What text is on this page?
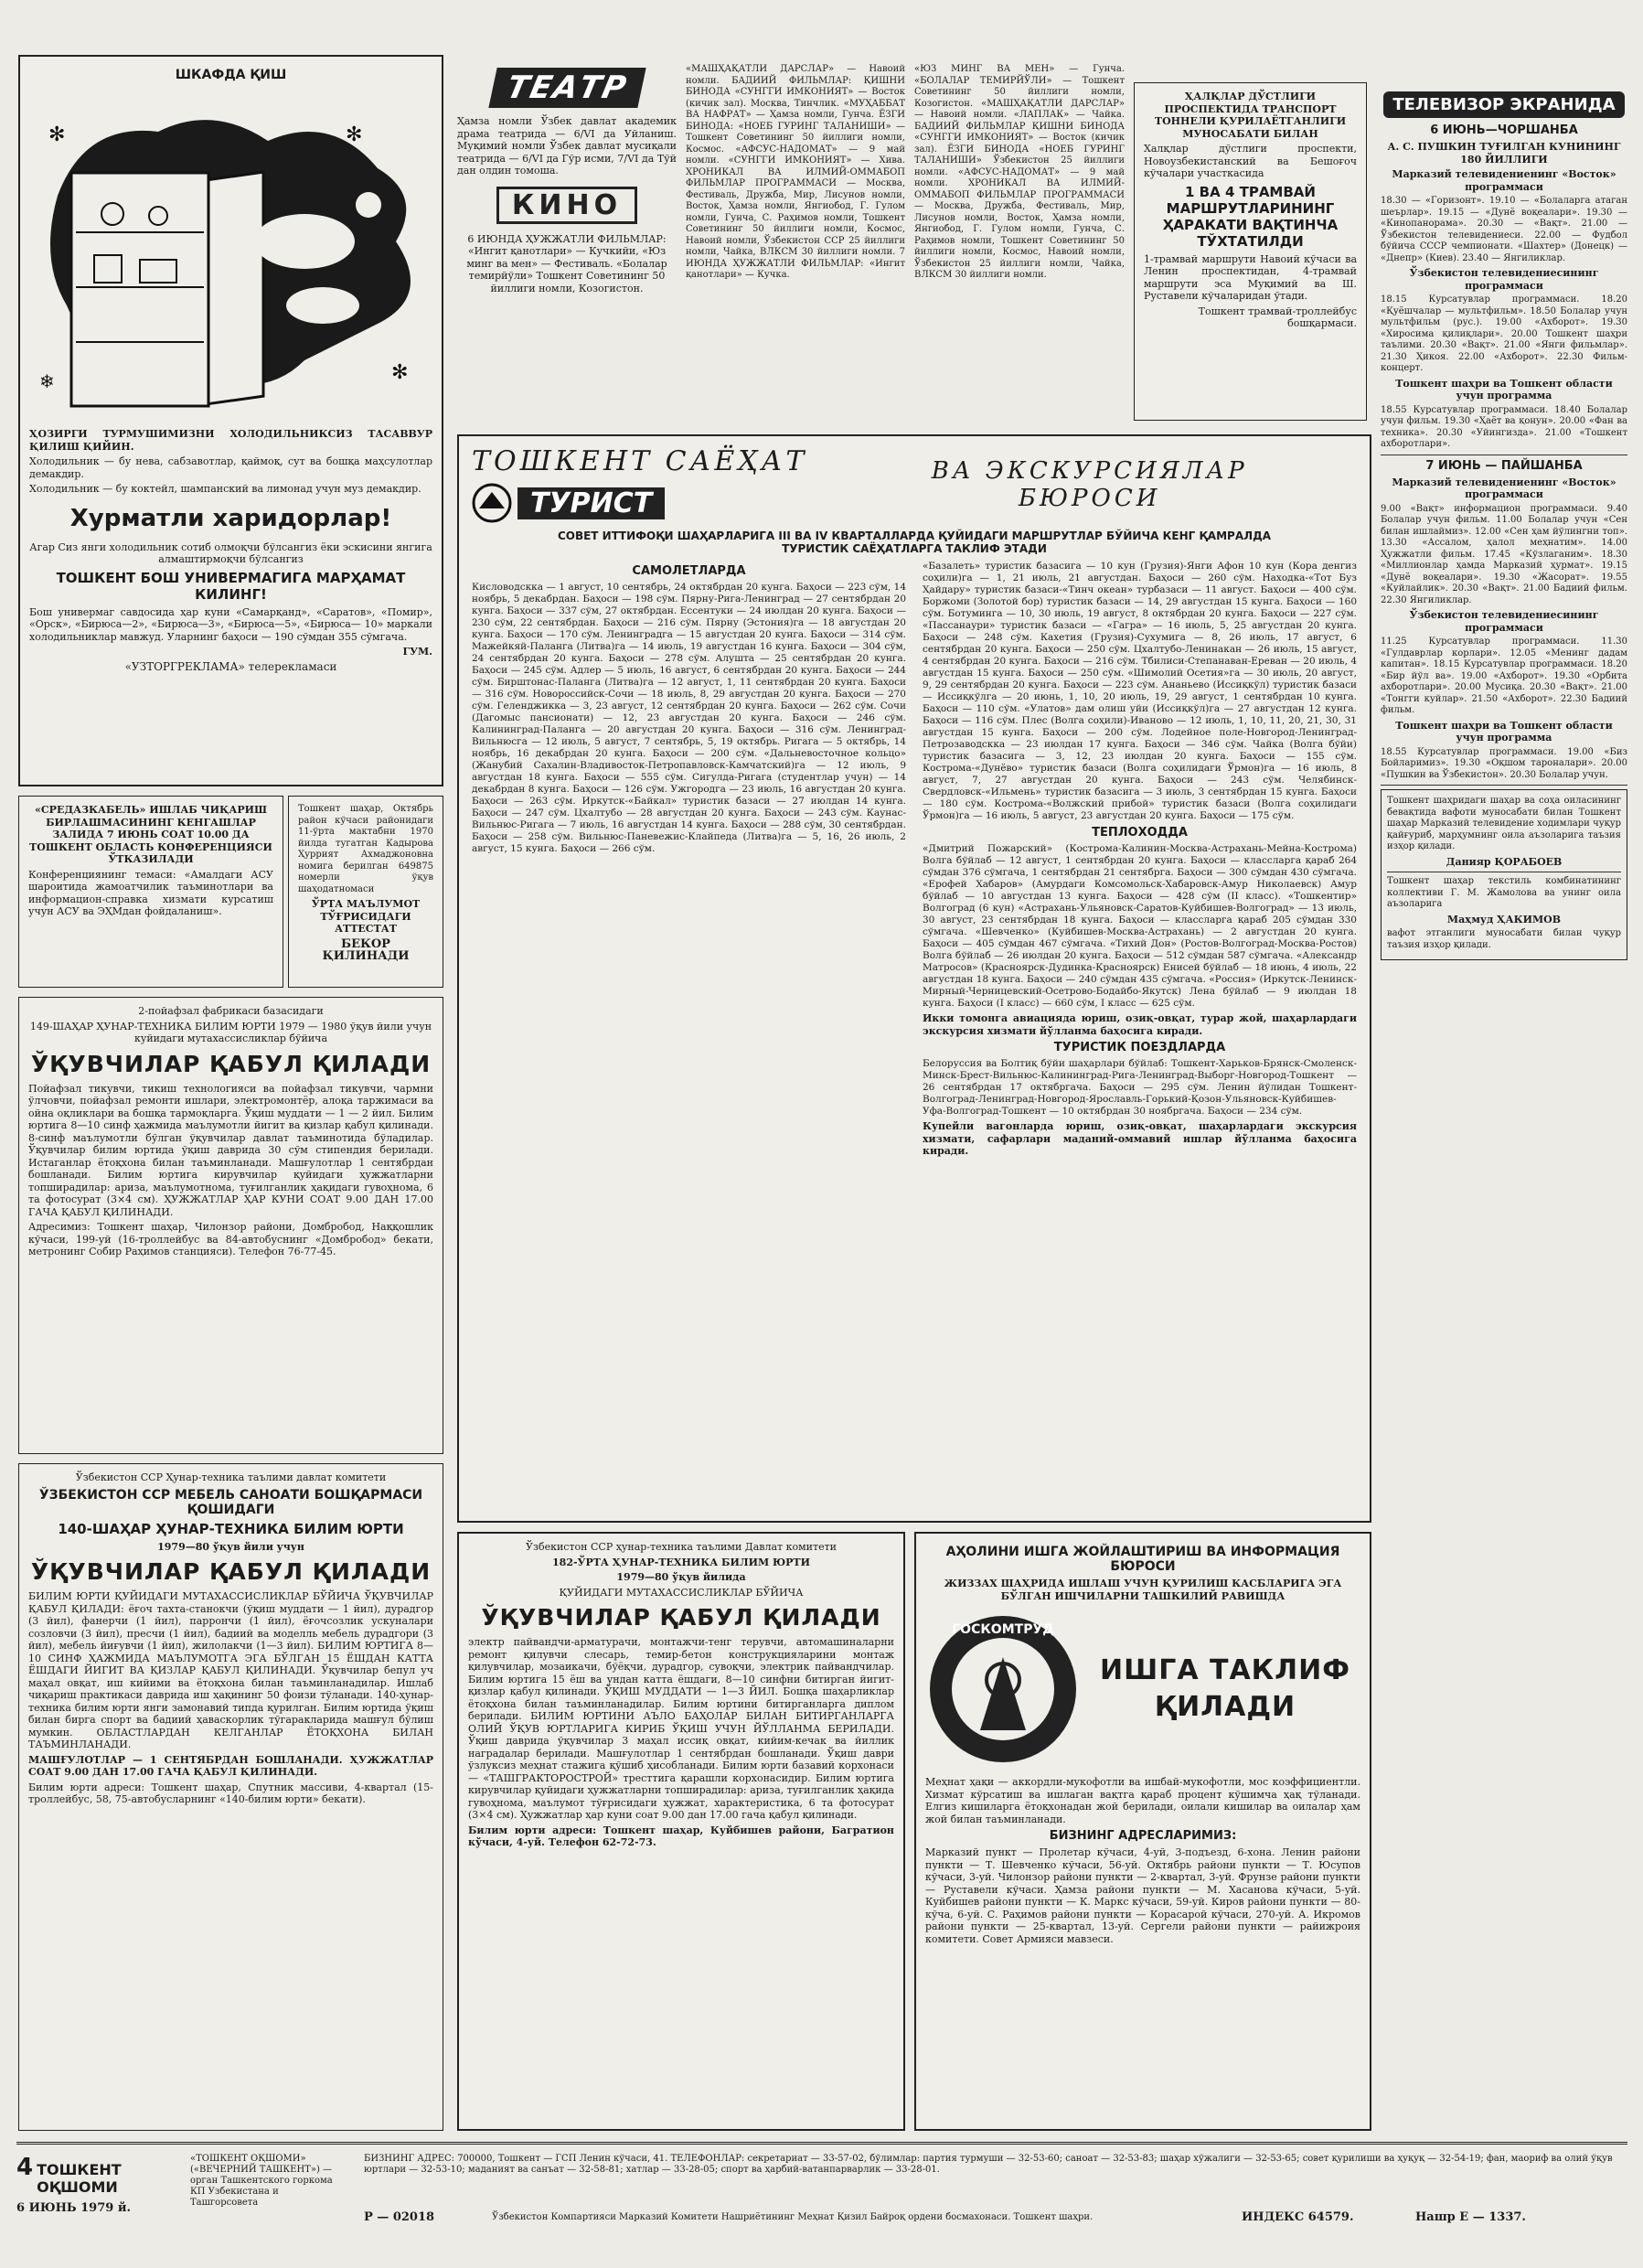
ШКАФДА ҚИШ
✻
✻
✻
❄

ҲОЗИРГИ ТУРМУШИМИЗНИ ХОЛОДИЛЬНИКСИЗ ТАСАВВУР ҚИЛИШ ҚИЙИН.

Холодильник — бу нева, сабзавотлар, қаймоқ, сут ва бошқа маҳсулотлар демакдир.

Холодильник — бу коктейл, шампанский ва лимонад учун муз демакдир.

Хурматли харидорлар!

Агар Сиз янги холодильник сотиб олмоқчи бўлсангиз ёки эскисини янгига алмаштирмоқчи бўлсангиз

ТОШКЕНТ БОШ УНИВЕРМАГИГА МАРҲАМАТ КИЛИНГ!

Бош универмаг савдосида ҳар куни «Самарқанд», «Саратов», «Помир», «Орск», «Бирюса—2», «Бирюса—3», «Бирюса—5», «Бирюса— 10» маркали холодильниклар мавжуд. Уларнинг баҳоси — 190 сўмдан 355 сўмгача.

ГУМ.

«УЗТОРГРЕКЛАМА» телерекламаси

«СРЕДАЗКАБЕЛЬ» ИШЛАБ ЧИҚАРИШ БИРЛАШМАСИНИНГ КЕНГАШЛАР ЗАЛИДА 7 ИЮНЬ СОАТ 10.00 ДА ТОШКЕНТ ОБЛАСТЬ КОНФЕРЕНЦИЯСИ ЎТКАЗИЛАДИ

Конференциянинг темаси: «Амалдаги АСУ шароитида жамоатчилик таъминотлари ва информацион-справка хизмати курсатиш учун АСУ ва ЭҲМдан фойдаланиш».

Тошкент шаҳар, Октябрь район кўчаси районидаги 11-ўрта мактабни 1970 йилда тугатган Кадырова Ҳуррият Ахмаджоновна номига берилган 649875 номерли ўқув шаҳодатномаси

ЎРТА МАЪЛУМОТ ТЎҒРИСИДАГИ АТТЕСТАТ

БЕКОР ҚИЛИНАДИ

2-пойафзал фабрикаси базасидаги

149-ШАҲАР ҲУНАР-ТЕХНИКА БИЛИМ ЮРТИ 1979 — 1980 ўқув йили учун куйидаги мутахассисликлар бўйича

ЎҚУВЧИЛАР ҚАБУЛ ҚИЛАДИ

Пойафзал тикувчи, тикиш технологияси ва пойафзал тикувчи, чармни ўлчовчи, пойафзал ремонти ишлари, электромонтёр, алоқа таржимаси ва ойна оқликлари ва бошқа тармоқларга. Ўқиш муддати — 1 — 2 йил. Билим юртига 8—10 синф ҳажмида маълумотли йигит ва қизлар қабул қилинади. 8-синф маълумотли бўлган ўқувчилар давлат таъминотида бўладилар. Ўқувчилар билим юртида ўқиш даврида 30 сўм стипендия берилади. Истаганлар ётоқхона билан таъминланади. Машғулотлар 1 сентябрдан бошланади. Билим юртига кирувчилар қуйидаги ҳужжатларни топширадилар: ариза, маълумотнома, туғилганлик ҳақидаги гувоҳнома, 6 та фотосурат (3×4 см). ҲУЖЖАТЛАР ҲАР КУНИ СОАТ 9.00 ДАН 17.00 ГАЧА ҚАБУЛ ҚИЛИНАДИ.

Адресимиз: Тошкент шаҳар, Чилонзор райони, Домбробод, Наққошлик кўчаси, 199-уй (16-троллейбус ва 84-автобуснинг «Домбробод» бекати, метронинг Собир Раҳимов станцияси). Телефон 76-77-45.

Ўзбекистон ССР Ҳунар-техника таълими давлат комитети

ЎЗБЕКИСТОН ССР МЕБЕЛЬ САНОАТИ БОШҚАРМАСИ ҚОШИДАГИ
140-ШАҲАР ҲУНАР-ТЕХНИКА БИЛИМ ЮРТИ

1979—80 ўқув йили учун

ЎҚУВЧИЛАР ҚАБУЛ ҚИЛАДИ

БИЛИМ ЮРТИ ҚУЙИДАГИ МУТАХАССИСЛИКЛАР БЎЙИЧА ЎҚУВЧИЛАР ҚАБУЛ ҚИЛАДИ: ёғоч тахта-станокчи (ўқиш муддати — 1 йил), дурадгор (3 йил), фанерчи (1 йил), паррончи (1 йил), ёғочсозлик ускуналари созловчи (3 йил), пресчи (1 йил), бадиий ва моделль мебель дурадгори (3 йил), мебель йиғувчи (1 йил), жилолакчи (1—3 йил). БИЛИМ ЮРТИГА 8—10 СИНФ ҲАЖМИДА МАЪЛУМОТГА ЭГА БЎЛГАН 15 ЁШДАН КАТТА ЁШДАГИ ЙИГИТ ВА ҚИЗЛАР ҚАБУЛ ҚИЛИНАДИ. Ўқувчилар бепул уч маҳал овқат, иш кийими ва ётоқхона билан таъминланадилар. Ишлаб чиқариш практикаси даврида иш ҳақининг 50 фоизи тўланади. 140-ҳунар-техника билим юрти янги замонавий типда қурилган. Билим юртида ўқиш билан бирга спорт ва бадиий ҳаваскорлик тўгаракларида машғул бўлиш мумкин. ОБЛАСТЛАРДАН КЕЛГАНЛАР ЁТОҚХОНА БИЛАН ТАЪМИНЛАНАДИ.

МАШҒУЛОТЛАР — 1 СЕНТЯБРДАН БОШЛАНАДИ. ҲУЖЖАТЛАР СОАТ 9.00 ДАН 17.00 ГАЧА ҚАБУЛ ҚИЛИНАДИ.

Билим юрти адреси: Тошкент шаҳар, Спутник массиви, 4-квартал (15-троллейбус, 58, 75-автобусларнинг «140-билим юрти» бекати).

ТЕАТР

Ҳамза номли Ўзбек давлат академик драма театрида — 6/VI да Уйланиш. Муқимий номли Ўзбек давлат мусиқали театрида — 6/VI да Гўр исми, 7/VI да Тўй дан олдин томоша.

КИНО

6 ИЮНДА ҲУЖЖАТЛИ ФИЛЬМЛАР: «Ингит қанотлари» — Кучкийи, «Юз минг ва мен» — Фестиваль. «Болалар темирйўли» Тошкент Советининг 50 йиллиги номли, Козогистон.

«МАШҲАҚАТЛИ ДАРСЛАР» — Навоий номли. БАДИИЙ ФИЛЬМЛАР: ҚИШНИ БИНОДА «СУНГГИ ИМКОНИЯТ» — Восток (кичик зал). Москва, Тинчлик. «МУҲАББАТ ВА НАФРАТ» — Ҳамза номли, Гунча. ЁЗГИ БИНОДА: «НОЕБ ГУРИНГ ТАЛАНИШИ» — Тошкент Советининг 50 йиллиги номли, Космос. «АФСУС-НАДОМАТ» — 9 май номли. «СУНГГИ ИМКОНИЯТ» — Хива. ХРОНИКАЛ ВА ИЛМИЙ-ОММАБОП ФИЛЬМЛАР ПРОГРАММАСИ — Москва, Фестиваль, Дружба, Мир, Лисунов номли, Восток, Ҳамза номли, Янгиобод, Г. Гулом номли, Гунча, С. Раҳимов номли, Тошкент Советининг 50 йиллиги номли, Космос, Навоий номли, Ўзбекистон ССР 25 йиллиги номли, Чайка, ВЛКСМ 30 йиллиги номли. 7 ИЮНДА ҲУЖЖАТЛИ ФИЛЬМЛАР: «Ингит қанотлари» — Кучка.

«ЮЗ МИНГ ВА МЕН» — Гунча. «БОЛАЛАР ТЕМИРЙЎЛИ» — Тошкент Советининг 50 йиллиги номли, Козогистон. «МАШҲАҚАТЛИ ДАРСЛАР» — Навоий номли. «ЛАПЛАК» — Чайка. БАДИИЙ ФИЛЬМЛАР ҚИШНИ БИНОДА «СУНГГИ ИМКОНИЯТ» — Восток (кичик зал). ЁЗГИ БИНОДА «НОЕБ ГУРИНГ ТАЛАНИШИ» Ўзбекистон 25 йиллиги номли. «АФСУС-НАДОМАТ» — 9 май номли. ХРОНИКАЛ ВА ИЛМИЙ-ОММАБОП ФИЛЬМЛАР ПРОГРАММАСИ — Москва, Дружба, Фестиваль, Мир, Лисунов номли, Восток, Ҳамза номли, Янгиобод, Г. Гулом номли, Гунча, С. Раҳимов номли, Тошкент Советининг 50 йиллиги номли, Космос, Навоий номли, Ўзбекистон 25 йиллиги номли, Чайка, ВЛКСМ 30 йиллиги номли.

ҲАЛҚЛАР ДЎСТЛИГИ ПРОСПЕКТИДА ТРАНСПОРТ ТОННЕЛИ ҚУРИЛАЁТГАНЛИГИ МУНОСАБАТИ БИЛАН

Халқлар дўстлиги проспекти, Новоузбекистанский ва Бешоғоч кўчалари участкасида

1 ВА 4 ТРАМВАЙ МАРШРУТЛАРИНИНГ ҲАРАКАТИ ВАҚТИНЧА ТЎХТАТИЛДИ

1-трамвай маршрути Навоий кўчаси ва Ленин проспектидан, 4-трамвай маршрути эса Муқимий ва Ш. Руставели кўчаларидан ўтади.

Тошкент трамвай-троллейбус бошқармаси.

ТОШКЕНТ САЁҲАТ
ТУРИСТ
ВА ЭКСКУРСИЯЛАР
БЮРОСИ

СОВЕТ ИТТИФОҚИ ШАҲАРЛАРИГА III ВА IV КВАРТАЛЛАРДА ҚУЙИДАГИ МАРШРУТЛАР БЎЙИЧА КЕНГ ҚАМРАЛДА ТУРИСТИК САЁҲАТЛАРГА ТАКЛИФ ЭТАДИ

САМОЛЕТЛАРДА

Кисловодскка — 1 август, 10 сентябрь, 24 октябрдан 20 кунга. Баҳоси — 223 сўм, 14 ноябрь, 5 декабрдан. Баҳоси — 198 сўм. Пярну-Рига-Ленинград — 27 сентябрдан 20 кунга. Баҳоси — 337 сўм, 27 октябрдан. Ессентуки — 24 июлдан 20 кунга. Баҳоси — 230 сўм, 22 сентябрдан. Баҳоси — 216 сўм. Пярну (Эстония)га — 18 августдан 20 кунга. Баҳоси — 170 сўм. Ленинградга — 15 августдан 20 кунга. Баҳоси — 314 сўм. Мажейкяй-Паланга (Литва)га — 14 июль, 19 августдан 16 кунга. Баҳоси — 304 сўм, 24 сентябрдан 20 кунга. Баҳоси — 278 сўм. Алушта — 25 сентябрдан 20 кунга. Баҳоси — 245 сўм. Адлер — 5 июль, 16 август, 6 сентябрдан 20 кунга. Баҳоси — 244 сўм. Бирштонас-Паланга (Литва)га — 12 август, 1, 11 сентябрдан 20 кунга. Баҳоси — 316 сўм. Новороссийск-Сочи — 18 июль, 8, 29 августдан 20 кунга. Баҳоси — 270 сўм. Геленджикка — 3, 23 август, 12 сентябрдан 20 кунга. Баҳоси — 262 сўм. Сочи (Дагомыс пансионати) — 12, 23 августдан 20 кунга. Баҳоси — 246 сўм. Калининград-Паланга — 20 августдан 20 кунга. Баҳоси — 316 сўм. Ленинград-Вильнюсга — 12 июль, 5 август, 7 сентябрь, 5, 19 октябрь. Ригага — 5 октябрь, 14 ноябрь, 16 декабрдан 20 кунга. Баҳоси — 200 сўм. «Дальневосточное кольцо» (Жанубий Сахалин-Владивосток-Петропавловск-Камчатский)га — 12 июль, 9 августдан 18 кунга. Баҳоси — 555 сўм. Сигулда-Ригага (студентлар учун) — 14 декабрдан 8 кунга. Баҳоси — 126 сўм. Ужгородга — 23 июль, 16 августдан 20 кунга. Баҳоси — 263 сўм. Иркутск-«Байкал» туристик базаси — 27 июлдан 14 кунга. Баҳоси — 247 сўм. Цхалтубо — 28 августдан 20 кунга. Баҳоси — 243 сўм. Каунас-Вильнюс-Ригага — 7 июль, 16 августдан 14 кунга. Баҳоси — 288 сўм, 30 сентябрдан. Баҳоси — 258 сўм. Вильнюс-Паневежис-Клайпеда (Литва)га — 5, 16, 26 июль, 2 август, 15 кунга. Баҳоси — 266 сўм.

«Базалеть» туристик базасига — 10 кун (Грузия)-Янги Афон 10 кун (Кора денгиз соҳили)га — 1, 21 июль, 21 августдан. Баҳоси — 260 сўм. Находка-«Тот Буз Ҳайдару» туристик базаси-«Тинч океан» турбазаси — 11 август. Баҳоси — 400 сўм. Боржоми (Золотой бор) туристик базаси — 14, 29 августдан 15 кунга. Баҳоси — 160 сўм. Ботуминга — 10, 30 июль, 19 август, 8 октябрдан 20 кунга. Баҳоси — 227 сўм. «Пассанаури» туристик базаси — «Гагра» — 16 июль, 5, 25 августдан 20 кунга. Баҳоси — 248 сўм. Кахетия (Грузия)-Сухумига — 8, 26 июль, 17 август, 6 сентябрдан 20 кунга. Баҳоси — 250 сўм. Цхалтубо-Ленинакан — 26 июль, 15 август, 4 сентябрдан 20 кунга. Баҳоси — 216 сўм. Тбилиси-Степанаван-Ереван — 20 июль, 4 августдан 15 кунга. Баҳоси — 250 сўм. «Шимолий Осетия»га — 30 июль, 20 август, 9, 29 сентябрдан 20 кунга. Баҳоси — 223 сўм. Ананьево (Иссиқкўл) туристик базаси — Иссиқкўлга — 20 июнь, 1, 10, 20 июль, 19, 29 август, 1 сентябрдан 10 кунга. Баҳоси — 110 сўм. «Улатов» дам олиш уйи (Иссиқкўл)га — 27 августдан 12 кунга. Баҳоси — 116 сўм. Плес (Волга соҳили)-Иваново — 12 июль, 1, 10, 11, 20, 21, 30, 31 августдан 15 кунга. Баҳоси — 200 сўм. Лодейное поле-Новгород-Ленинград-Петрозаводскка — 23 июлдан 17 кунга. Баҳоси — 346 сўм. Чайка (Волга бўйи) туристик базасига — 3, 12, 23 июлдан 20 кунга. Баҳоси — 155 сўм. Кострома-«Дунёво» туристик базаси (Волга соҳилидаги Ўрмон)га — 16 июль, 8 август, 7, 27 августдан 20 кунга. Баҳоси — 243 сўм. Челябинск-Свердловск-«Ильмень» туристик базасига — 3 июль, 3 сентябрдан 15 кунга. Баҳоси — 180 сўм. Кострома-«Волжский прибой» туристик базаси (Волга соҳилидаги Ўрмон)га — 16 июль, 5 август, 23 августдан 20 кунга. Баҳоси — 175 сўм.

ТЕПЛОХОДДА

«Дмитрий Пожарский» (Кострома-Калинин-Москва-Астрахань-Мейна-Кострома) Волга бўйлаб — 12 август, 1 сентябрдан 20 кунга. Баҳоси — классларга қараб 264 сўмдан 376 сўмгача, 1 сентябрдан 21 сентябрга. Баҳоси — 300 сўмдан 430 сўмгача. «Ерофей Хабаров» (Амурдаги Комсомольск-Хабаровск-Амур Николаевск) Амур бўйлаб — 10 августдан 13 кунга. Баҳоси — 428 сўм (II класс). «Тошкентир» Волгоград (6 кун) «Астрахань-Ульяновск-Саратов-Куйбишев-Волгоград» — 13 июль, 30 август, 23 сентябрдан 18 кунга. Баҳоси — классларга қараб 205 сўмдан 330 сўмгача. «Шевченко» (Куйбишев-Москва-Астрахань) — 2 августдан 20 кунга. Баҳоси — 405 сўмдан 467 сўмгача. «Тихий Дон» (Ростов-Волгоград-Москва-Ростов) Волга бўйлаб — 26 июлдан 20 кунга. Баҳоси — 512 сўмдан 587 сўмгача. «Александр Матросов» (Красноярск-Дудинка-Красноярск) Енисей бўйлаб — 18 июнь, 4 июль, 22 августдан 18 кунга. Баҳоси — 240 сўмдан 435 сўмгача. «Россия» (Иркутск-Ленинск-Мирный-Черницевский-Осетрово-Бодайбо-Якутск) Лена бўйлаб — 9 июлдан 18 кунга. Баҳоси (I класс) — 660 сўм, I класс — 625 сўм.

Икки томонга авиацияда юриш, озиқ-овқат, турар жой, шаҳарлардаги экскурсия хизмати йўлланма баҳосига киради.

ТУРИСТИК ПОЕЗДЛАРДА

Белоруссия ва Болтиқ бўйи шаҳарлари бўйлаб: Тошкент-Харьков-Брянск-Смоленск-Минск-Брест-Вильнюс-Калининград-Рига-Ленинград-Выборг-Новгород-Тошкент — 26 сентябрдан 17 октябргача. Баҳоси — 295 сўм. Ленин йўлидан Тошкент-Волгоград-Ленинград-Новгород-Ярославль-Горький-Қозон-Ульяновск-Куйбишев-Уфа-Волгоград-Тошкент — 10 октябрдан 30 ноябргача. Баҳоси — 234 сўм.

Купейли вагонларда юриш, озиқ-овқат, шаҳарлардаги экскурсия хизмати, сафарлари маданий-оммавий ишлар йўлланма баҳосига киради.

Ўзбекистон ССР ҳунар-техника таълими Давлат комитети

182-ЎРТА ҲУНАР-ТЕХНИКА БИЛИМ ЮРТИ

1979—80 ўқув йилида

ҚУЙИДАГИ МУТАХАССИСЛИКЛАР БЎЙИЧА

ЎҚУВЧИЛАР ҚАБУЛ ҚИЛАДИ

электр пайвандчи-арматурачи, монтажчи-тенг терувчи, автомашиналарни ремонт қилувчи слесарь, темир-бетон конструкцияларини монтаж қилувчилар, мозаикачи, бўёқчи, дурадгор, сувоқчи, электрик пайвандчилар. Билим юртига 15 ёш ва ундан катта ёшдаги, 8—10 синфни битирган йигит-қизлар қабул қилинади. ЎҚИШ МУДДАТИ — 1—3 ЙИЛ. Бошқа шаҳарликлар ётоқхона билан таъминланадилар. Билим юртини битирганларга диплом берилади. БИЛИМ ЮРТИНИ АЪЛО БАҲОЛАР БИЛАН БИТИРГАНЛАРГА ОЛИЙ ЎҚУВ ЮРТЛАРИГА КИРИБ ЎҚИШ УЧУН ЙЎЛЛАНМА БЕРИЛАДИ. Ўқиш даврида ўқувчилар 3 маҳал иссиқ овқат, кийим-кечак ва йиллик наградалар берилади. Машғулотлар 1 сентябрдан бошланади. Ўқиш даври ўзлуксиз меҳнат стажига қўшиб ҳисобланади. Билим юрти базавий корхонаси — «ТАШГРАКТОРОСТРОЙ» тресттига қарашли корхонасидир. Билим юртига кирувчилар қуйидаги ҳужжатларни топширадилар: ариза, туғилганлик ҳақида гувоҳнома, маълумот тўғрисидаги ҳужжат, характеристика, 6 та фотосурат (3×4 см). Ҳужжатлар ҳар куни соат 9.00 дан 17.00 гача қабул қилинади.

Билим юрти адреси: Тошкент шаҳар, Куйбишев райони, Багратион кўчаси, 4-уй. Телефон 62-72-73.

АҲОЛИНИ ИШГА ЖОЙЛАШТИРИШ ВА ИНФОРМАЦИЯ БЮРОСИ

ЖИЗЗАХ ШАҲРИДА ИШЛАШ УЧУН ҚУРИЛИШ КАСБЛАРИГА ЭГА БЎЛГАН ИШЧИЛАРНИ ТАШКИЛИЙ РАВИШДА

ГОСКОМТРУД
ИШГА ТАКЛИФ ҚИЛАДИ

Меҳнат ҳақи — аккордли-мукофотли ва ишбай-мукофотли, мос коэффициентли. Хизмат кўрсатиш ва ишлаган вақтга қараб процент кўшимча ҳақ тўланади. Елгиз кишиларга ётоқхонадан жой берилади, оилали кишилар ва оилалар ҳам жой билан таъминланади.

БИЗНИНГ АДРЕСЛАРИМИЗ:

Марказий пункт — Пролетар кўчаси, 4-уй, 3-подъезд, 6-хона. Ленин райони пункти — Т. Шевченко кўчаси, 56-уй. Октябрь райони пункти — Т. Юсупов кўчаси, 3-уй. Чилонзор райони пункти — 2-квартал, 3-уй. Фрунзе райони пункти — Руставели кўчаси. Ҳамза райони пункти — М. Хасанова кўчаси, 5-уй. Куйбишев райони пункти — К. Маркс кўчаси, 59-уй. Киров райони пункти — 80-кўча, 6-уй. С. Раҳимов райони пункти — Корасарой кўчаси, 270-уй. А. Икромов райони пункти — 25-квартал, 13-уй. Сергели райони пункти — райижроия комитети. Совет Армияси мавзеси.

ТЕЛЕВИЗОР ЭКРАНИДА
6 ИЮНЬ—ЧОРШАНБА

А. С. ПУШКИН ТУҒИЛГАН КУНИНИНГ 180 ЙИЛЛИГИ

Марказий телевидениенинг «Восток» программаси

18.30 — «Горизонт». 19.10 — «Болаларга атаган шеърлар». 19.15 — «Дунё воқеалари». 19.30 — «Кинопанорама». 20.30 — «Вақт». 21.00 — Ўзбекистон телевидениеси. 22.00 — Фудбол бўйича СССР чемпионати. «Шахтер» (Донецк) — «Днепр» (Киев). 23.40 — Янгиликлар.

Ўзбекистон телевидениесининг программаси

18.15 Курсатувлар программаси. 18.20 «Қуёшчалар — мультфильм». 18.50 Болалар учун мультфильм (рус.). 19.00 «Ахборот». 19.30 «Хиросима қилиқлари». 20.00 Тошкент шаҳри таълими. 20.30 «Вақт». 21.00 «Янги фильмлар». 21.30 Ҳикоя. 22.00 «Ахборот». 22.30 Фильм-концерт.

Тошкент шаҳри ва Тошкент области учун программа

18.55 Курсатувлар программаси. 18.40 Болалар учун фильм. 19.30 «Ҳаёт ва қонун». 20.00 «Фан ва техника». 20.30 «Уйингизда». 21.00 «Тошкент ахборотлари».

7 ИЮНЬ — ПАЙШАНБА

Марказий телевидениенинг «Восток» программаси

9.00 «Вақт» информацион программаси. 9.40 Болалар учун фильм. 11.00 Болалар учун «Сен билан ишлаймиз». 12.00 «Сен ҳам йўлингни топ». 13.30 «Ассалом, ҳалол меҳнатим». 14.00 Ҳужжатли фильм. 17.45 «Кўзлаганим». 18.30 «Миллионлар ҳамда Марказий ҳурмат». 19.15 «Дунё воқеалари». 19.30 «Жасорат». 19.55 «Куйлайлик». 20.30 «Вақт». 21.00 Бадиий фильм. 22.30 Янгиликлар.

Ўзбекистон телевидениесининг программаси

11.25 Курсатувлар программаси. 11.30 «Гулдаврлар корлари». 12.05 «Менинг дадам капитан». 18.15 Курсатувлар программаси. 18.20 «Бир йўл ва». 19.00 «Ахборот». 19.30 «Орбита ахборотлари». 20.00 Мусиқа. 20.30 «Вақт». 21.00 «Тонгги куйлар». 21.50 «Ахборот». 22.30 Бадиий фильм.

Тошкент шаҳри ва Тошкент области учун программа

18.55 Курсатувлар программаси. 19.00 «Биз Бойларимиз». 19.30 «Оқшом тароналари». 20.00 «Пушкин ва Ўзбекистон». 20.30 Болалар учун.

Тошкент шаҳридаги шаҳар ва соҳа оиласининг бевақтида вафоти муносабати билан Тошкент шаҳар Марказий телевидение ходимлари чуқур қайғуриб, марҳумнинг оила аъзоларига таъзия изҳор қилади.

Данияр ҚОРАБОЕВ

Тошкент шаҳар текстиль комбинатининг коллективи Г. М. Жамолова ва унинг оила аъзоларига

Маҳмуд ҲАКИМОВ

вафот этганлиги муносабати билан чуқур таъзия изҳор қилади.

4 ТОШКЕНТ ОҚШОМИ
6 ИЮНЬ 1979 й.
«ТОШКЕНТ ОҚШОМИ» («ВЕЧЕРНИЙ ТАШКЕНТ») — орган Ташкентского горкома КП Узбекистана и Ташгорсовета
БИЗНИНГ АДРЕС: 700000, Тошкент — ГСП Ленин кўчаси, 41. ТЕЛЕФОНЛАР: секретариат — 33-57-02, бўлимлар: партия турмуши — 32-53-60; саноат — 32-53-83; шаҳар хўжалиги — 32-53-65; совет қурилиши ва ҳуқуқ — 32-54-19; фан, маориф ва олий ўқув юртлари — 32-53-10; маданият ва санъат — 32-58-81; хатлар — 33-28-05; спорт ва ҳарбий-ватанпарварлик — 33-28-01.
Р — 02018	Ўзбекистон Компартияси Марказий Комитети Нашриётининг Меҳнат Қизил Байроқ ордени босмахонаси. Тошкент шаҳри.	ИНДЕКС 64579.	Нашр Е — 1337.
